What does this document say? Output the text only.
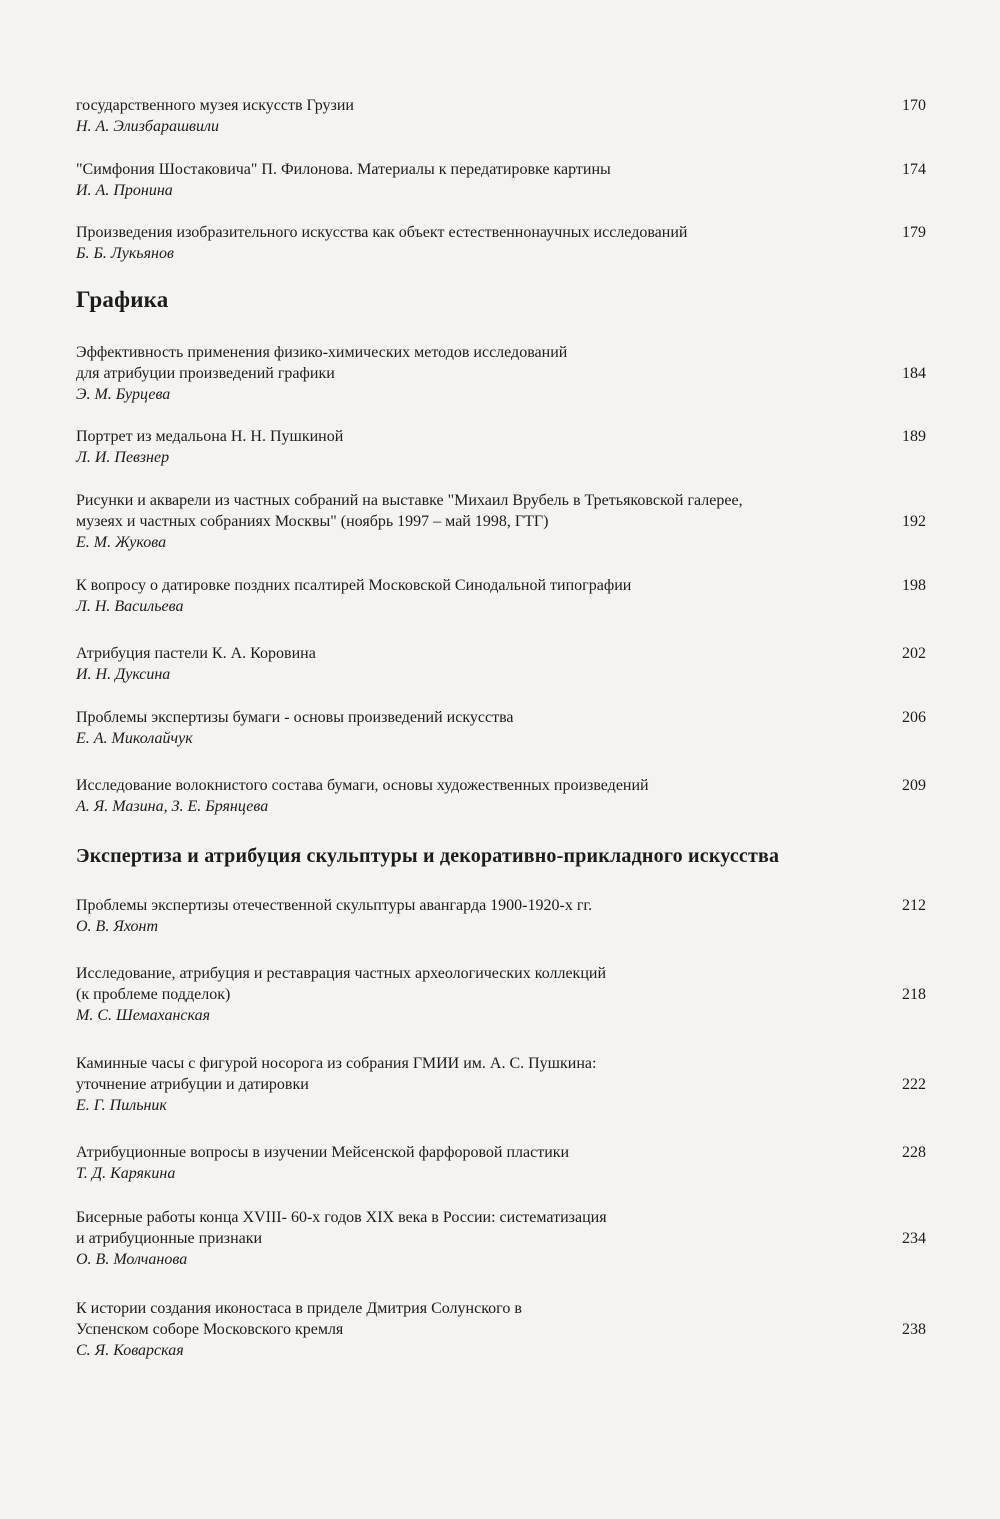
государственного музея искусств Грузии
Н. А. Элизбарашвили
170
"Симфония Шостаковича" П. Филонова. Материалы к передатировке картины
И. А. Пронина
174
Произведения изобразительного искусства как объект естественнонаучных исследований
Б. Б. Лукьянов
179
Графика
Эффективность применения физико-химических методов исследований
для атрибуции произведений графики
Э. М. Бурцева
184
Портрет из медальона Н. Н. Пушкиной
Л. И. Певзнер
189
Рисунки и акварели из частных собраний на выставке "Михаил Врубель в Третьяковской галерее,
музеях и частных собраниях Москвы" (ноябрь 1997 – май 1998, ГТГ)
Е. М. Жукова
192
К вопросу о датировке поздних псалтирей Московской Синодальной типографии
Л. Н. Васильева
198
Атрибуция пастели К. А. Коровина
И. Н. Дуксина
202
Проблемы экспертизы бумаги - основы произведений искусства
Е. А. Миколайчук
206
Исследование волокнистого состава бумаги, основы художественных произведений
А. Я. Мазина, З. Е. Брянцева
209
Экспертиза и атрибуция скульптуры и декоративно-прикладного искусства
Проблемы экспертизы отечественной скульптуры авангарда 1900-1920-х гг.
О. В. Яхонт
212
Исследование, атрибуция и реставрация частных археологических коллекций
(к проблеме подделок)
М. С. Шемаханская
218
Каминные часы с фигурой носорога из собрания ГМИИ им. А. С. Пушкина:
уточнение атрибуции и датировки
Е. Г. Пильник
222
Атрибуционные вопросы в изучении Мейсенской фарфоровой пластики
Т. Д. Карякина
228
Бисерные работы конца XVIII- 60-х годов XIX века в России: систематизация
и атрибуционные признаки
О. В. Молчанова
234
К истории создания иконостаса в приделе Дмитрия Солунского в
Успенском соборе Московского кремля
С. Я. Коварская
238
